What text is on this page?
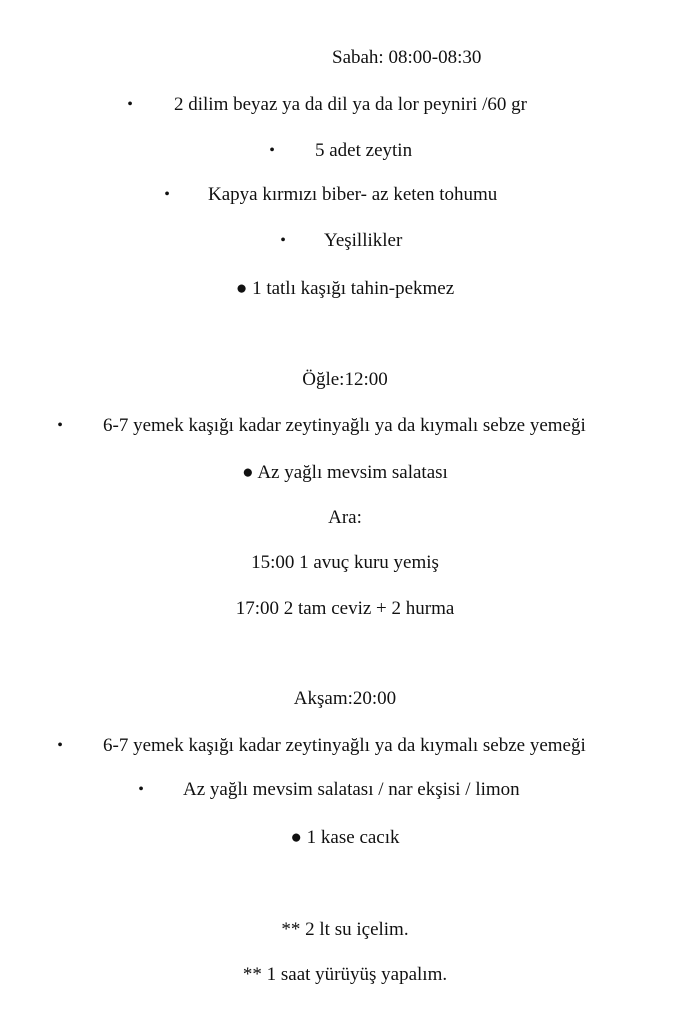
Sabah: 08:00-08:30
• 2 dilim beyaz ya da dil ya da lor peyniri /60 gr
• 5 adet zeytin
• Kapya kırmızı biber- az keten tohumu
• Yeşillikler
● 1 tatlı kaşığı tahin-pekmez
Öğle:12:00
• 6-7 yemek kaşığı kadar zeytinyağlı ya da kıymalı sebze yemeği
● Az yağlı mevsim salatası
Ara:
15:00 1 avuç kuru yemiş
17:00 2 tam ceviz + 2 hurma
Akşam:20:00
• 6-7 yemek kaşığı kadar zeytinyağlı ya da kıymalı sebze yemeği
• Az yağlı mevsim salatası / nar ekşisi / limon
● 1 kase cacık
** 2 lt su içelim.
** 1 saat yürüyüş yapalım.
